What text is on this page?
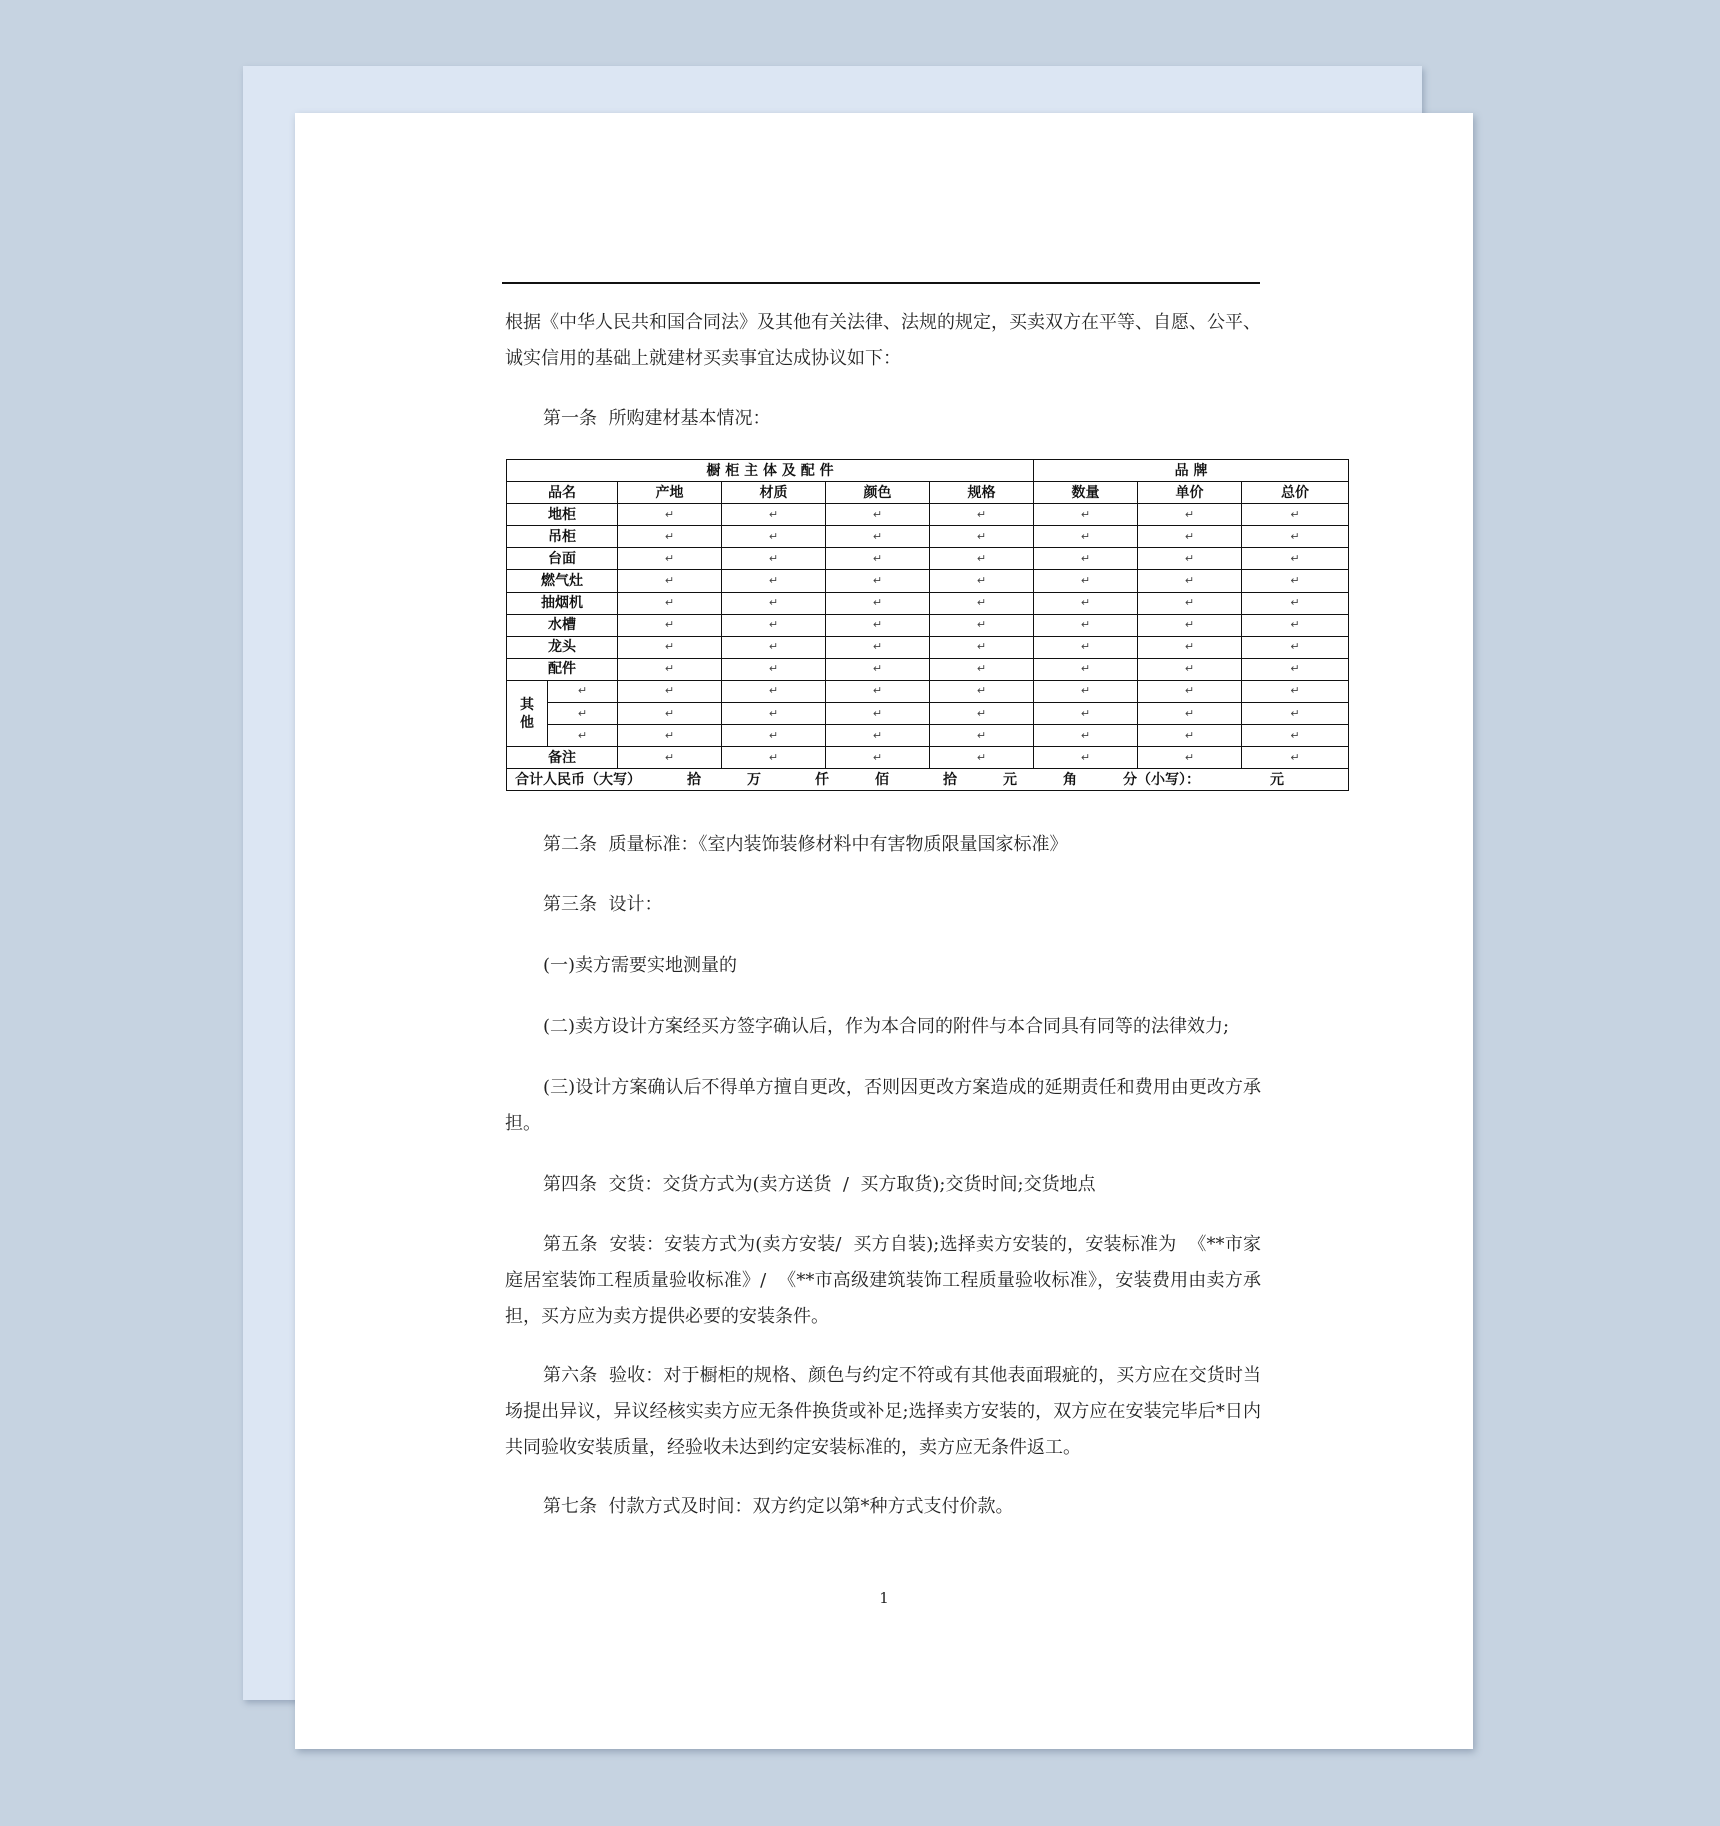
根据《中华人民共和国合同法》及其他有关法律、法规的规定，买卖双方在平等、自愿、公平、诚实信用的基础上就建材买卖事宜达成协议如下：

第一条  所购建材基本情况：

橱 柜 主 体 及 配 件						品 牌		
品名		产地	材质	颜色	规格	数量	单价	总价
地柜		↵	↵	↵	↵	↵	↵	↵
吊柜		↵	↵	↵	↵	↵	↵	↵
台面		↵	↵	↵	↵	↵	↵	↵
燃气灶		↵	↵	↵	↵	↵	↵	↵
抽烟机		↵	↵	↵	↵	↵	↵	↵
水槽		↵	↵	↵	↵	↵	↵	↵
龙头		↵	↵	↵	↵	↵	↵	↵
配件		↵	↵	↵	↵	↵	↵	↵
其
他	↵	↵	↵	↵	↵	↵	↵	↵
	↵	↵	↵	↵	↵	↵	↵	↵
	↵	↵	↵	↵	↵	↵	↵	↵
备注		↵	↵	↵	↵	↵	↵	↵
合计人民币（大写） 拾 万 仟 佰 拾 元 角 分（小写）： 元								

第二条  质量标准：《室内装饰装修材料中有害物质限量国家标准》

第三条  设计：

(一)卖方需要实地测量的

(二)卖方设计方案经买方签字确认后，作为本合同的附件与本合同具有同等的法律效力;

(三)设计方案确认后不得单方擅自更改，否则因更改方案造成的延期责任和费用由更改方承担。

第四条  交货：交货方式为(卖方送货  /  买方取货);交货时间;交货地点

第五条  安装：安装方式为(卖方安装/  买方自装);选择卖方安装的，安装标准为  《**市家庭居室装饰工程质量验收标准》/  《**市高级建筑装饰工程质量验收标准》，安装费用由卖方承担，买方应为卖方提供必要的安装条件。

第六条  验收：对于橱柜的规格、颜色与约定不符或有其他表面瑕疵的，买方应在交货时当场提出异议，异议经核实卖方应无条件换货或补足;选择卖方安装的，双方应在安装完毕后*日内共同验收安装质量，经验收未达到约定安装标准的，卖方应无条件返工。

第七条  付款方式及时间：双方约定以第*种方式支付价款。

1
